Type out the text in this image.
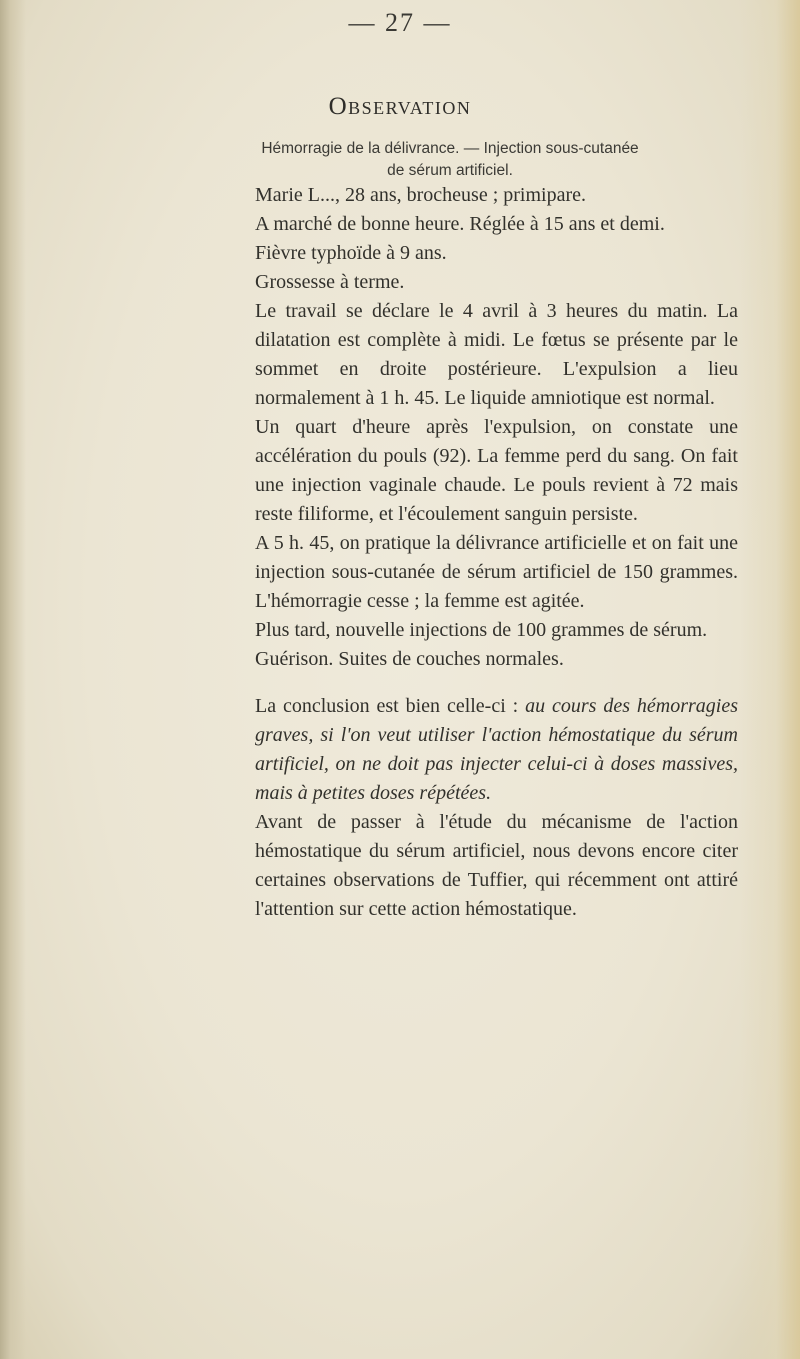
— 27 —
Observation
Hémorragie de la délivrance. — Injection sous-cutanée de sérum artificiel.

Marie L..., 28 ans, brocheuse ; primipare.

A marché de bonne heure. Réglée à 15 ans et demi.

Fièvre typhoïde à 9 ans.

Grossesse à terme.

Le travail se déclare le 4 avril à 3 heures du matin. La dilatation est complète à midi. Le fœtus se présente par le sommet en droite postérieure. L'expulsion a lieu normalement à 1 h. 45. Le liquide amniotique est normal.

Un quart d'heure après l'expulsion, on constate une accélération du pouls (92). La femme perd du sang. On fait une injection vaginale chaude. Le pouls revient à 72 mais reste filiforme, et l'écoulement sanguin persiste.

A 5 h. 45, on pratique la délivrance artificielle et on fait une injection sous-cutanée de sérum artificiel de 150 grammes. L'hémorragie cesse ; la femme est agitée.

Plus tard, nouvelle injections de 100 grammes de sérum.

Guérison. Suites de couches normales.

La conclusion est bien celle-ci : au cours des hémorragies graves, si l'on veut utiliser l'action hémostatique du sérum artificiel, on ne doit pas injecter celui-ci à doses massives, mais à petites doses répétées.

Avant de passer à l'étude du mécanisme de l'action hémostatique du sérum artificiel, nous devons encore citer certaines observations de Tuffier, qui récemment ont attiré l'attention sur cette action hémostatique.
